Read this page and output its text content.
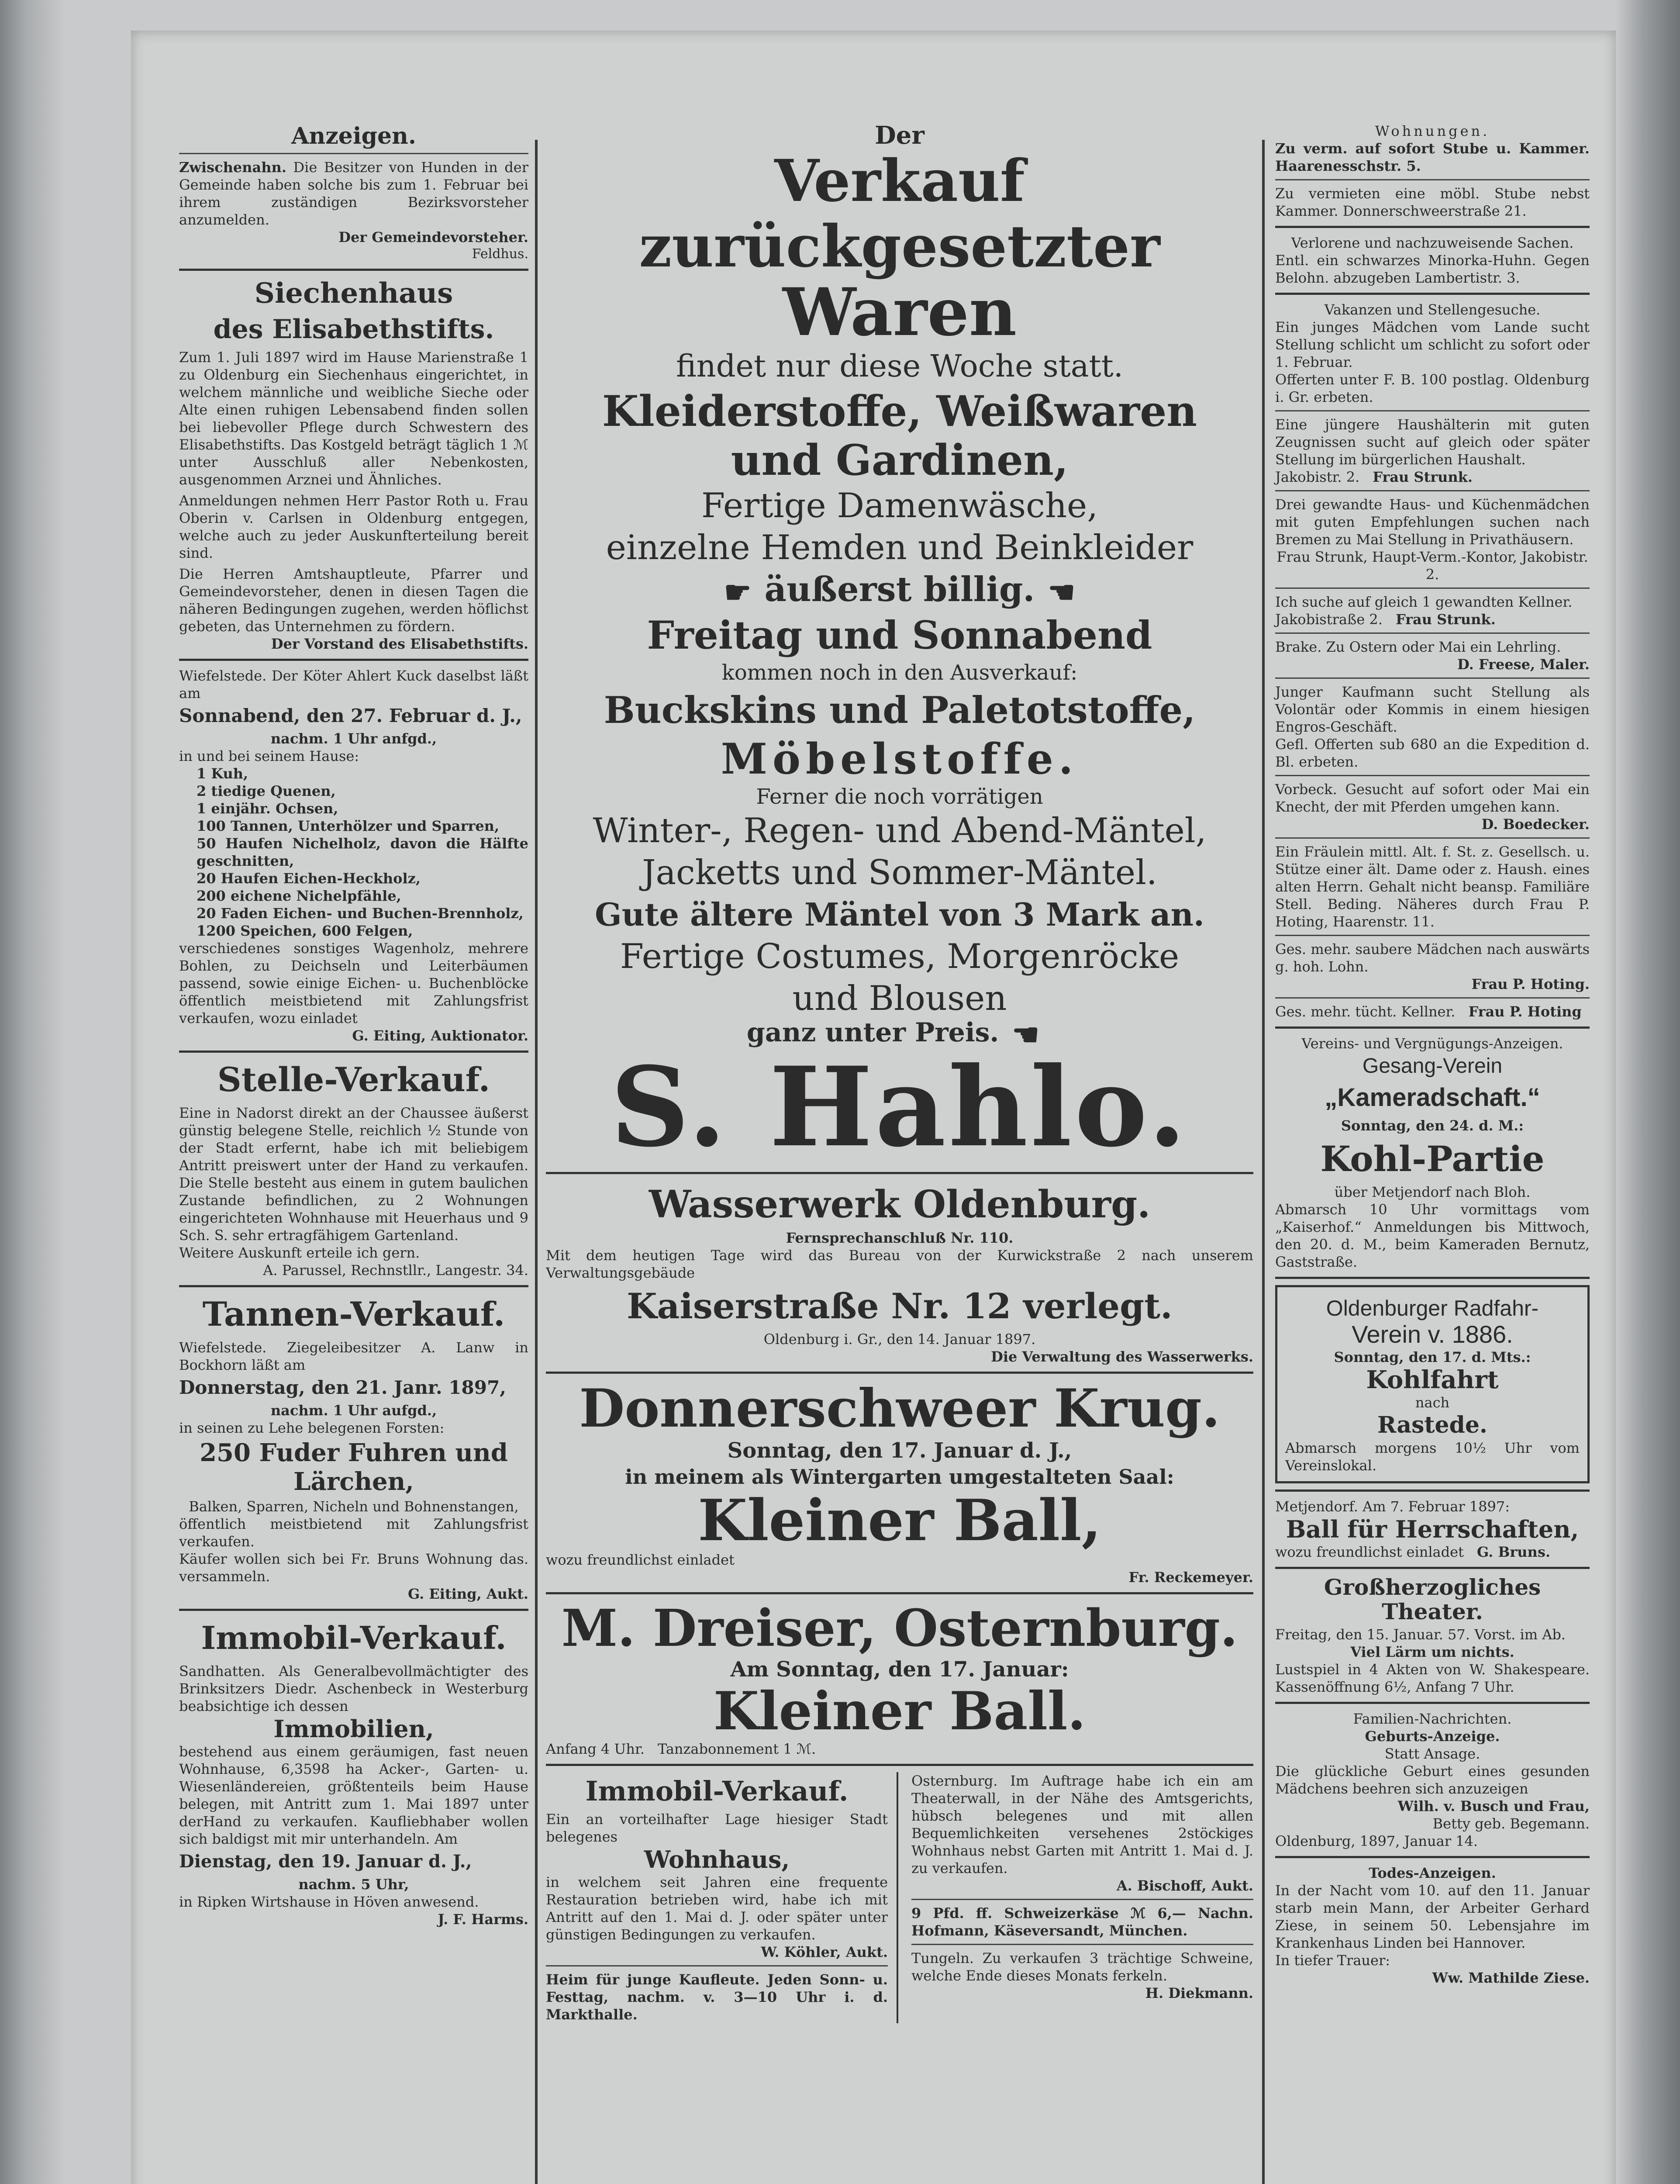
Anzeigen.

Zwischenahn. Die Besitzer von Hunden in der Gemeinde haben solche bis zum 1. Februar bei ihrem zuständigen Bezirksvorsteher anzumelden.

Der Gemeindevorsteher.

Feldhus.

Siechenhaus
des Elisabethstifts.

Zum 1. Juli 1897 wird im Hause Marienstraße 1 zu Oldenburg ein Siechenhaus eingerichtet, in welchem männliche und weibliche Sieche oder Alte einen ruhigen Lebensabend finden sollen bei liebevoller Pflege durch Schwestern des Elisabethstifts. Das Kostgeld beträgt täglich 1 ℳ unter Ausschluß aller Nebenkosten, ausgenommen Arznei und Ähnliches.

Anmeldungen nehmen Herr Pastor Roth u. Frau Oberin v. Carlsen in Oldenburg entgegen, welche auch zu jeder Auskunfterteilung bereit sind.

Die Herren Amtshauptleute, Pfarrer und Gemeindevorsteher, denen in diesen Tagen die näheren Bedingungen zugehen, werden höflichst gebeten, das Unternehmen zu fördern.

Der Vorstand des Elisabethstifts.

Wiefelstede. Der Köter Ahlert Kuck daselbst läßt am

Sonnabend, den 27. Februar d. J.,

nachm. 1 Uhr anfgd.,

in und bei seinem Hause:

1 Kuh,

2 tiedige Quenen,

1 einjähr. Ochsen,

100 Tannen, Unterhölzer und Sparren,

50 Haufen Nichelholz, davon die Hälfte geschnitten,

20 Haufen Eichen-Heckholz,

200 eichene Nichelpfähle,

20 Faden Eichen- und Buchen-Brennholz,

1200 Speichen, 600 Felgen,

verschiedenes sonstiges Wagenholz, mehrere Bohlen, zu Deichseln und Leiterbäumen passend, sowie einige Eichen- u. Buchenblöcke öffentlich meistbietend mit Zahlungsfrist verkaufen, wozu einladet

G. Eiting, Auktionator.

Stelle-Verkauf.

Eine in Nadorst direkt an der Chaussee äußerst günstig belegene Stelle, reichlich ½ Stunde von der Stadt erfernt, habe ich mit beliebigem Antritt preiswert unter der Hand zu verkaufen. Die Stelle besteht aus einem in gutem baulichen Zustande befindlichen, zu 2 Wohnungen eingerichteten Wohnhause mit Heuerhaus und 9 Sch. S. sehr ertragfähigem Gartenland.

Weitere Auskunft erteile ich gern.

A. Parussel, Rechnstllr., Langestr. 34.

Tannen-Verkauf.

Wiefelstede. Ziegeleibesitzer A. Lanw in Bockhorn läßt am

Donnerstag, den 21. Janr. 1897,

nachm. 1 Uhr aufgd.,

in seinen zu Lehe belegenen Forsten:

250 Fuder Fuhren und Lärchen,

Balken, Sparren, Nicheln und Bohnenstangen,

öffentlich meistbietend mit Zahlungsfrist verkaufen.

Käufer wollen sich bei Fr. Bruns Wohnung das. versammeln.

G. Eiting, Aukt.

Immobil-Verkauf.

Sandhatten. Als Generalbevollmächtigter des Brinksitzers Diedr. Aschenbeck in Westerburg beabsichtige ich dessen

Immobilien,

bestehend aus einem geräumigen, fast neuen Wohnhause, 6,3598 ha Acker-, Garten- u. Wiesenländereien, größtenteils beim Hause belegen, mit Antritt zum 1. Mai 1897 unter derHand zu verkaufen. Kaufliebhaber wollen sich baldigst mit mir unterhandeln. Am

Dienstag, den 19. Januar d. J.,

nachm. 5 Uhr,

in Ripken Wirtshause in Höven anwesend.

J. F. Harms.

Der
Verkauf zurückgesetzter
Waren
findet nur diese Woche statt.
Kleiderstoffe, Weißwaren
und Gardinen,
Fertige Damenwäsche,
einzelne Hemden und Beinkleider
☛ äußerst billig. ☚
Freitag und Sonnabend
kommen noch in den Ausverkauf:
Buckskins und Paletotstoffe,
Möbelstoffe.
Ferner die noch vorrätigen
Winter-, Regen- und Abend-Mäntel,
Jacketts und Sommer-Mäntel.
Gute ältere Mäntel von 3 Mark an.
Fertige Costumes, Morgenröcke
und Blousen
ganz unter Preis. ☚
S. Hahlo.
Wasserwerk Oldenburg.

Fernsprechanschluß Nr. 110.

Mit dem heutigen Tage wird das Bureau von der Kurwickstraße 2 nach unserem Verwaltungsgebäude

Kaiserstraße Nr. 12 verlegt.

Oldenburg i. Gr., den 14. Januar 1897.

Die Verwaltung des Wasserwerks.

Donnerschweer Krug.
Sonntag, den 17. Januar d. J.,
in meinem als Wintergarten umgestalteten Saal:
Kleiner Ball,

wozu freundlichst einladet

Fr. Reckemeyer.

M. Dreiser, Osternburg.
Am Sonntag, den 17. Januar:
Kleiner Ball.

Anfang 4 Uhr. Tanzabonnement 1 ℳ.

Immobil-Verkauf.

Ein an vorteilhafter Lage hiesiger Stadt belegenes

Wohnhaus,

in welchem seit Jahren eine frequente Restauration betrieben wird, habe ich mit Antritt auf den 1. Mai d. J. oder später unter günstigen Bedingungen zu verkaufen.

W. Köhler, Aukt.

Heim für junge Kaufleute. Jeden Sonn- u. Festtag, nachm. v. 3—10 Uhr i. d. Markthalle.

Osternburg. Im Auftrage habe ich ein am Theaterwall, in der Nähe des Amtsgerichts, hübsch belegenes und mit allen Bequemlichkeiten versehenes 2stöckiges Wohnhaus nebst Garten mit Antritt 1. Mai d. J. zu verkaufen.

A. Bischoff, Aukt.

9 Pfd. ff. Schweizerkäse ℳ 6,— Nachn. Hofmann, Käseversandt, München.

Tungeln. Zu verkaufen 3 trächtige Schweine, welche Ende dieses Monats ferkeln.

H. Diekmann.

Wohnungen.

Zu verm. auf sofort Stube u. Kammer. Haarenesschstr. 5.

Zu vermieten eine möbl. Stube nebst Kammer. Donnerschweerstraße 21.

Verlorene und nachzuweisende Sachen.

Entl. ein schwarzes Minorka-Huhn. Gegen Belohn. abzugeben Lambertistr. 3.

Vakanzen und Stellengesuche.

Ein junges Mädchen vom Lande sucht Stellung schlicht um schlicht zu sofort oder 1. Februar.

Offerten unter F. B. 100 postlag. Oldenburg i. Gr. erbeten.

Eine jüngere Haushälterin mit guten Zeugnissen sucht auf gleich oder später Stellung im bürgerlichen Haushalt.

Jakobistr. 2. Frau Strunk.

Drei gewandte Haus- und Küchenmädchen mit guten Empfehlungen suchen nach Bremen zu Mai Stellung in Privathäusern.

Frau Strunk, Haupt-Verm.-Kontor, Jakobistr. 2.

Ich suche auf gleich 1 gewandten Kellner.

Jakobistraße 2. Frau Strunk.

Brake. Zu Ostern oder Mai ein Lehrling.

D. Freese, Maler.

Junger Kaufmann sucht Stellung als Volontär oder Kommis in einem hiesigen Engros-Geschäft.

Gefl. Offerten sub 680 an die Expedition d. Bl. erbeten.

Vorbeck. Gesucht auf sofort oder Mai ein Knecht, der mit Pferden umgehen kann.

D. Boedecker.

Ein Fräulein mittl. Alt. f. St. z. Gesellsch. u. Stütze einer ält. Dame oder z. Haush. eines alten Herrn. Gehalt nicht beansp. Familiäre Stell. Beding. Näheres durch Frau P. Hoting, Haarenstr. 11.

Ges. mehr. saubere Mädchen nach auswärts g. hoh. Lohn.

Frau P. Hoting.

Ges. mehr. tücht. Kellner. Frau P. Hoting

Vereins- und Vergnügungs-Anzeigen.

Gesang-Verein
„Kameradschaft.“

Sonntag, den 24. d. M.:

Kohl-Partie

über Metjendorf nach Bloh.

Abmarsch 10 Uhr vormittags vom „Kaiserhof.“ Anmeldungen bis Mittwoch, den 20. d. M., beim Kameraden Bernutz, Gaststraße.

Oldenburger Radfahr-
Verein v. 1886.

Sonntag, den 17. d. Mts.:

Kohlfahrt

nach

Rastede.

Abmarsch morgens 10½ Uhr vom Vereinslokal.

Metjendorf. Am 7. Februar 1897:

Ball für Herrschaften,

wozu freundlichst einladet G. Bruns.

Großherzogliches Theater.

Freitag, den 15. Januar. 57. Vorst. im Ab.

Viel Lärm um nichts.

Lustspiel in 4 Akten von W. Shakespeare. Kassenöffnung 6½, Anfang 7 Uhr.

Familien-Nachrichten.

Geburts-Anzeige.

Statt Ansage.

Die glückliche Geburt eines gesunden Mädchens beehren sich anzuzeigen

Wilh. v. Busch und Frau,

Betty geb. Begemann.

Oldenburg, 1897, Januar 14.

Todes-Anzeigen.

In der Nacht vom 10. auf den 11. Januar starb mein Mann, der Arbeiter Gerhard Ziese, in seinem 50. Lebensjahre im Krankenhaus Linden bei Hannover.

In tiefer Trauer:

Ww. Mathilde Ziese.
